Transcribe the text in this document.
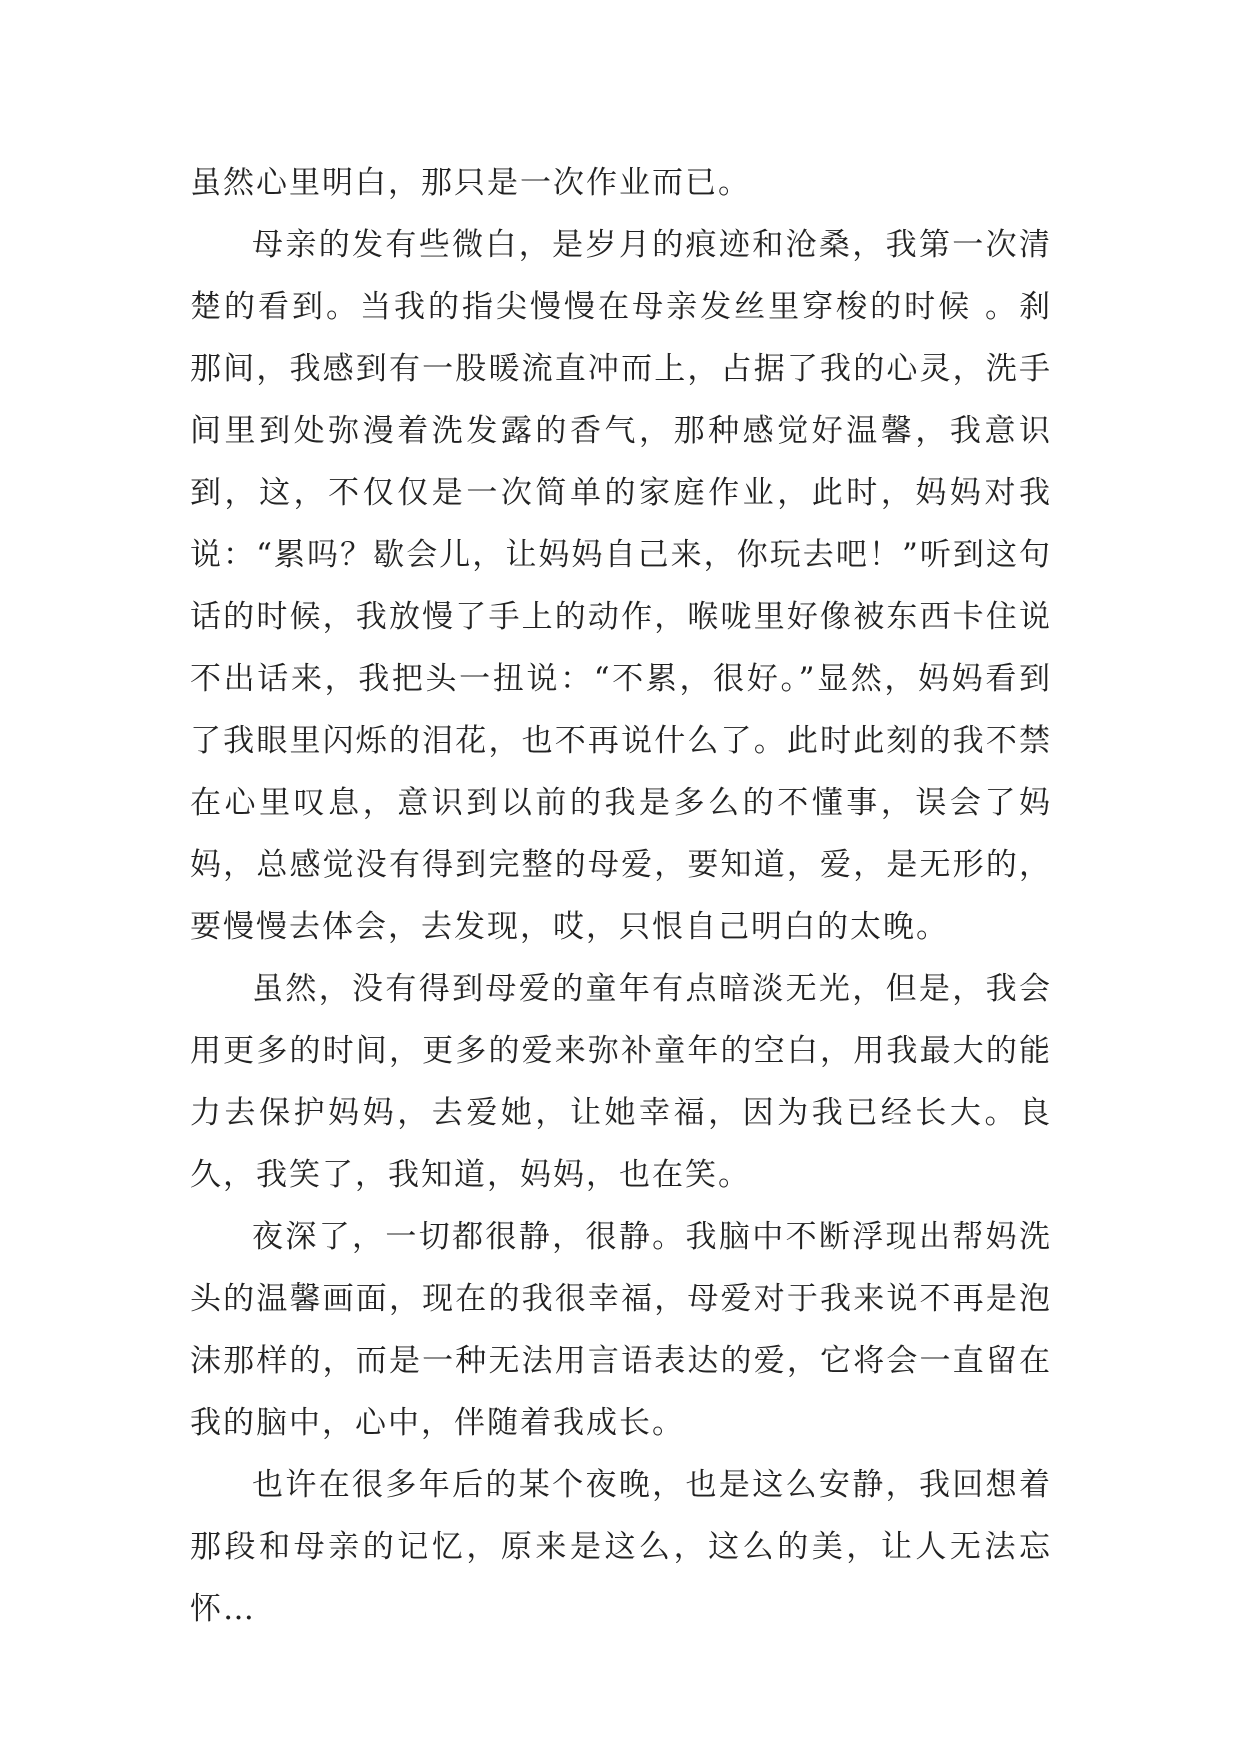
虽然心里明白，那只是一次作业而已。

母亲的发有些微白，是岁月的痕迹和沧桑，我第一次清楚的看到。当我的指尖慢慢在母亲发丝里穿梭的时候 。刹那间，我感到有一股暖流直冲而上，占据了我的心灵，洗手间里到处弥漫着洗发露的香气，那种感觉好温馨，我意识到，这，不仅仅是一次简单的家庭作业，此时，妈妈对我说：“累吗？歇会儿，让妈妈自己来，你玩去吧！”听到这句话的时候，我放慢了手上的动作，喉咙里好像被东西卡住说不出话来，我把头一扭说：“不累，很好。”显然，妈妈看到了我眼里闪烁的泪花，也不再说什么了。此时此刻的我不禁在心里叹息，意识到以前的我是多么的不懂事，误会了妈妈，总感觉没有得到完整的母爱，要知道，爱，是无形的，要慢慢去体会，去发现，哎，只恨自己明白的太晚。

虽然，没有得到母爱的童年有点暗淡无光，但是，我会用更多的时间，更多的爱来弥补童年的空白，用我最大的能力去保护妈妈，去爱她，让她幸福，因为我已经长大。良久，我笑了，我知道，妈妈，也在笑。

夜深了，一切都很静，很静。我脑中不断浮现出帮妈洗头的温馨画面，现在的我很幸福，母爱对于我来说不再是泡沫那样的，而是一种无法用言语表达的爱，它将会一直留在我的脑中，心中，伴随着我成长。

也许在很多年后的某个夜晚，也是这么安静，我回想着那段和母亲的记忆，原来是这么，这么的美，让人无法忘怀…
